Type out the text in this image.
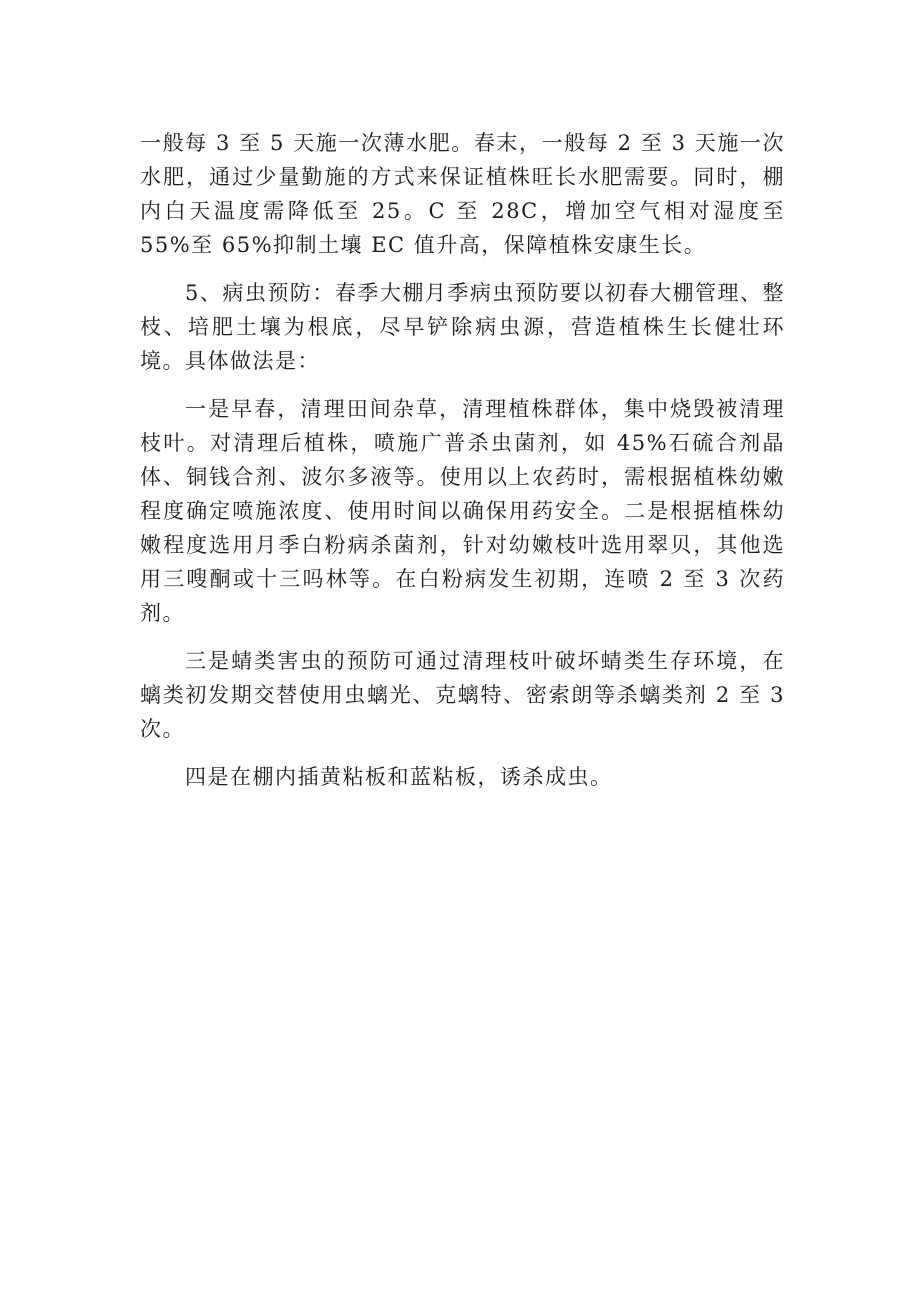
一般每 3 至 5 天施一次薄水肥。春末，一般每 2 至 3 天施一次水肥，通过少量勤施的方式来保证植株旺长水肥需要。同时，棚内白天温度需降低至 25。C 至 28C，增加空气相对湿度至 55%至 65%抑制土壤 EC 值升高，保障植株安康生长。

5、病虫预防：春季大棚月季病虫预防要以初春大棚管理、整枝、培肥土壤为根底，尽早铲除病虫源，营造植株生长健壮环境。具体做法是：

一是早春，清理田间杂草，清理植株群体，集中烧毁被清理枝叶。对清理后植株，喷施广普杀虫菌剂，如 45%石硫合剂晶体、铜钱合剂、波尔多液等。使用以上农药时，需根据植株幼嫩程度确定喷施浓度、使用时间以确保用药安全。二是根据植株幼嫩程度选用月季白粉病杀菌剂，针对幼嫩枝叶选用翠贝，其他选用三嗖酮或十三吗林等。在白粉病发生初期，连喷 2 至 3 次药剂。

三是蜻类害虫的预防可通过清理枝叶破坏蜻类生存环境，在螭类初发期交替使用虫螭光、克螭特、密索朗等杀螭类剂 2 至 3次。

四是在棚内插黄粘板和蓝粘板，诱杀成虫。
